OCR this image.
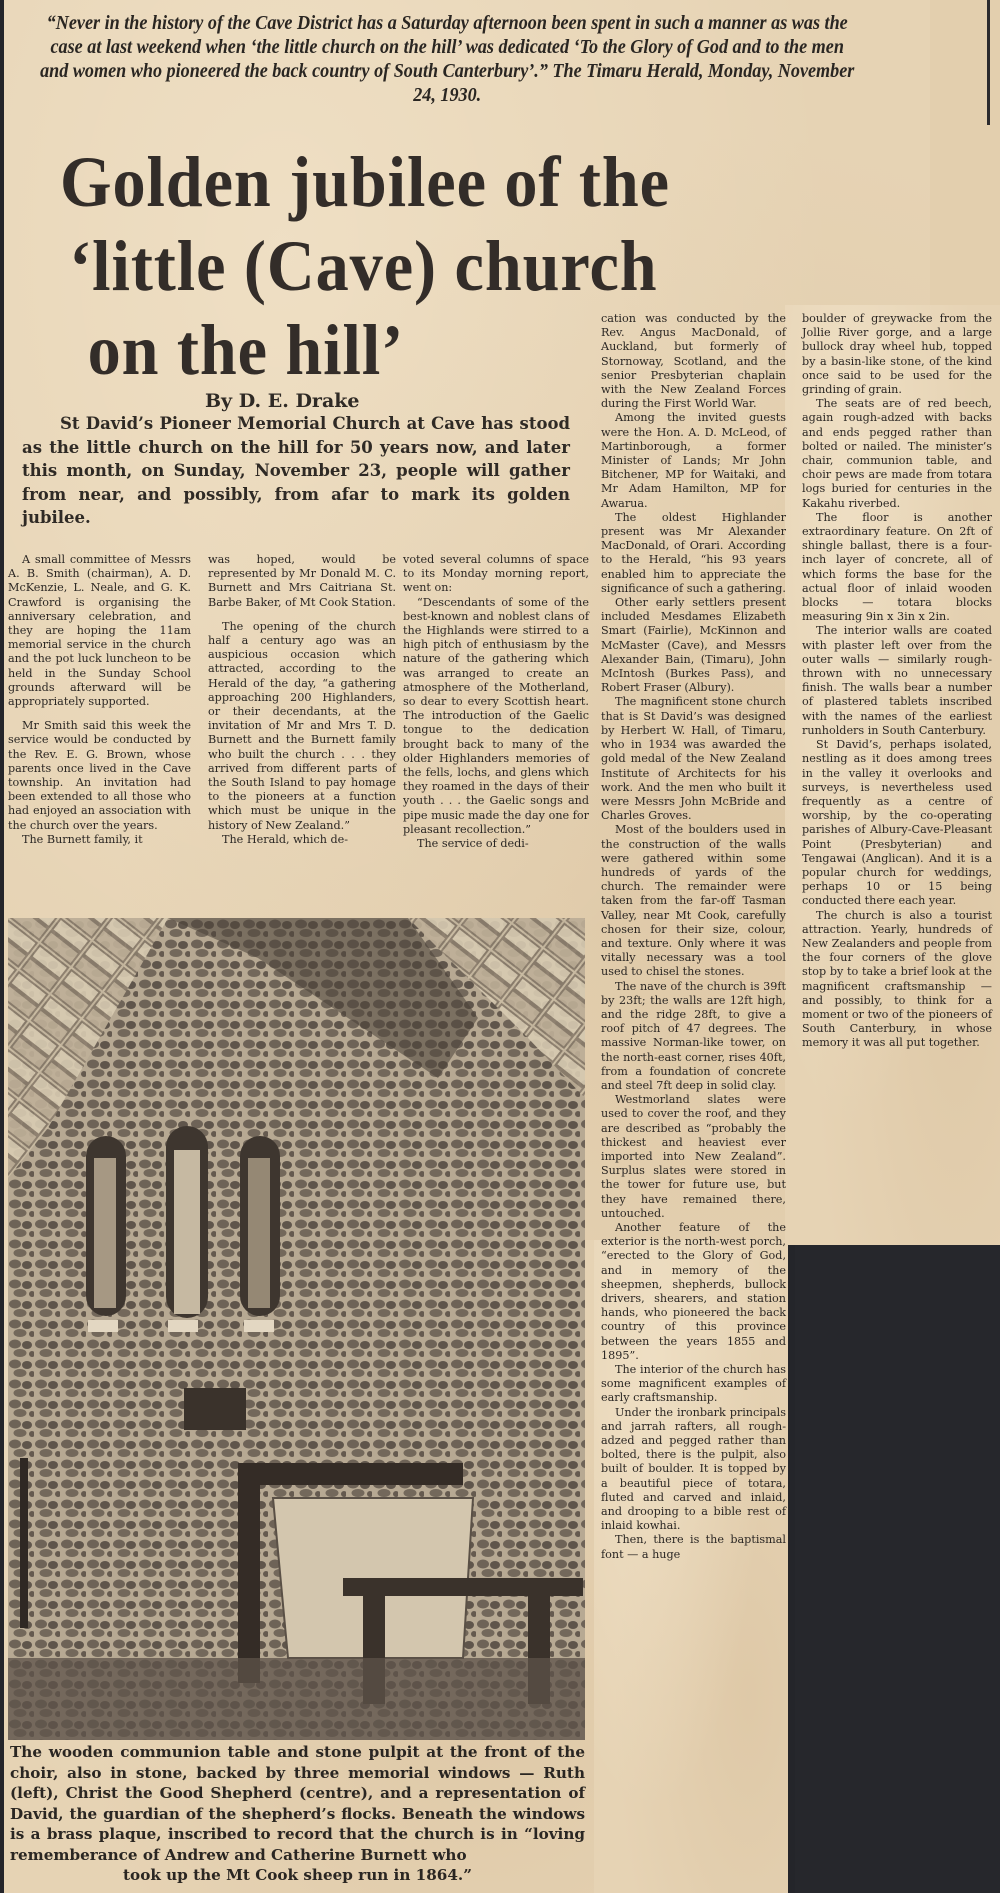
“Never in the history of the Cave District has a Saturday afternoon been spent in such a manner as was the case at last weekend when ‘the little church on the hill’ was dedicated ‘To the Glory of God and to the men and women who pioneered the back country of South Canterbury’.” The Timaru Herald, Monday, November 24, 1930.
Golden jubilee of the
‘little (Cave) church
on the hill’
By D. E. Drake

St David’s Pioneer Memorial Church at Cave has stood as the little church on the hill for 50 years now, and later this month, on Sunday, November 23, people will gather from near, and possibly, from afar to mark its golden jubilee.

A small committee of Messrs A. B. Smith (chairman), A. D. McKenzie, L. Neale, and G. K. Crawford is organising the anniversary celebration, and they are hoping the 11am memorial service in the church and the pot luck luncheon to be held in the Sunday School grounds afterward will be appropriately supported.

Mr Smith said this week the service would be conducted by the Rev. E. G. Brown, whose parents once lived in the Cave township. An invitation had been extended to all those who had enjoyed an association with the church over the years.

The Burnett family, it

was hoped, would be represented by Mr Donald M. C. Burnett and Mrs Caitriana St. Barbe Baker, of Mt Cook Station.

The opening of the church half a century ago was an auspicious occasion which attracted, according to the Herald of the day, “a gathering approaching 200 Highlanders, or their decendants, at the invitation of Mr and Mrs T. D. Burnett and the Burnett family who built the church . . . they arrived from different parts of the South Island to pay homage to the pioneers at a function which must be unique in the history of New Zealand.”

The Herald, which de-

voted several columns of space to its Monday morning report, went on:

“Descendants of some of the best-known and noblest clans of the Highlands were stirred to a high pitch of enthusiasm by the nature of the gathering which was arranged to create an atmosphere of the Motherland, so dear to every Scottish heart. The introduction of the Gaelic tongue to the dedication brought back to many of the older Highlanders memories of the fells, lochs, and glens which they roamed in the days of their youth . . . the Gaelic songs and pipe music made the day one for pleasant recollection.”

The service of dedi-

cation was conducted by the Rev. Angus MacDonald, of Auckland, but formerly of Stornoway, Scotland, and the senior Presbyterian chaplain with the New Zealand Forces during the First World War.

Among the invited guests were the Hon. A. D. McLeod, of Martinborough, a former Minister of Lands; Mr John Bitchener, MP for Waitaki, and Mr Adam Hamilton, MP for Awarua.

The oldest Highlander present was Mr Alexander MacDonald, of Orari. According to the Herald, “his 93 years enabled him to appreciate the significance of such a gathering.

Other early settlers present included Mesdames Elizabeth Smart (Fairlie), McKinnon and McMaster (Cave), and Messrs Alexander Bain, (Timaru), John McIntosh (Burkes Pass), and Robert Fraser (Albury).

The magnificent stone church that is St David’s was designed by Herbert W. Hall, of Timaru, who in 1934 was awarded the gold medal of the New Zealand Institute of Architects for his work. And the men who built it were Messrs John McBride and Charles Groves.

Most of the boulders used in the construction of the walls were gathered within some hundreds of yards of the church. The remainder were taken from the far-off Tasman Valley, near Mt Cook, carefully chosen for their size, colour, and texture. Only where it was vitally necessary was a tool used to chisel the stones.

The nave of the church is 39ft by 23ft; the walls are 12ft high, and the ridge 28ft, to give a roof pitch of 47 degrees. The massive Norman-like tower, on the north-east corner, rises 40ft, from a foundation of concrete and steel 7ft deep in solid clay.

Westmorland slates were used to cover the roof, and they are described as “probably the thickest and heaviest ever imported into New Zealand”. Surplus slates were stored in the tower for future use, but they have remained there, untouched.

Another feature of the exterior is the north-west porch, “erected to the Glory of God, and in memory of the sheepmen, shepherds, bullock drivers, shearers, and station hands, who pioneered the back country of this province between the years 1855 and 1895”.

The interior of the church has some magnificent examples of early craftsmanship.

Under the ironbark principals and jarrah rafters, all rough-adzed and pegged rather than bolted, there is the pulpit, also built of boulder. It is topped by a beautiful piece of totara, fluted and carved and inlaid, and drooping to a bible rest of inlaid kowhai.

Then, there is the baptismal font — a huge

boulder of greywacke from the Jollie River gorge, and a large bullock dray wheel hub, topped by a basin-like stone, of the kind once said to be used for the grinding of grain.

The seats are of red beech, again rough-adzed with backs and ends pegged rather than bolted or nailed. The minister’s chair, communion table, and choir pews are made from totara logs buried for centuries in the Kakahu riverbed.

The floor is another extraordinary feature. On 2ft of shingle ballast, there is a four-inch layer of concrete, all of which forms the base for the actual floor of inlaid wooden blocks — totara blocks measuring 9in x 3in x 2in.

The interior walls are coated with plaster left over from the outer walls — similarly rough-thrown with no unnecessary finish. The walls bear a number of plastered tablets inscribed with the names of the earliest runholders in South Canterbury.

St David’s, perhaps isolated, nestling as it does among trees in the valley it overlooks and surveys, is nevertheless used frequently as a centre of worship, by the co-operating parishes of Albury-Cave-Pleasant Point (Presbyterian) and Tengawai (Anglican). And it is a popular church for weddings, perhaps 10 or 15 being conducted there each year.

The church is also a tourist attraction. Yearly, hundreds of New Zealanders and people from the four corners of the glove stop by to take a brief look at the magnificent craftsmanship — and possibly, to think for a moment or two of the pioneers of South Canterbury, in whose memory it was all put together.

The wooden communion table and stone pulpit at the front of the choir, also in stone, backed by three memorial windows — Ruth (left), Christ the Good Shepherd (centre), and a representation of David, the guardian of the shepherd’s flocks. Beneath the windows is a brass plaque, inscribed to record that the church is in “loving rememberance of Andrew and Catherine Burnett who
took up the Mt Cook sheep run in 1864.”
